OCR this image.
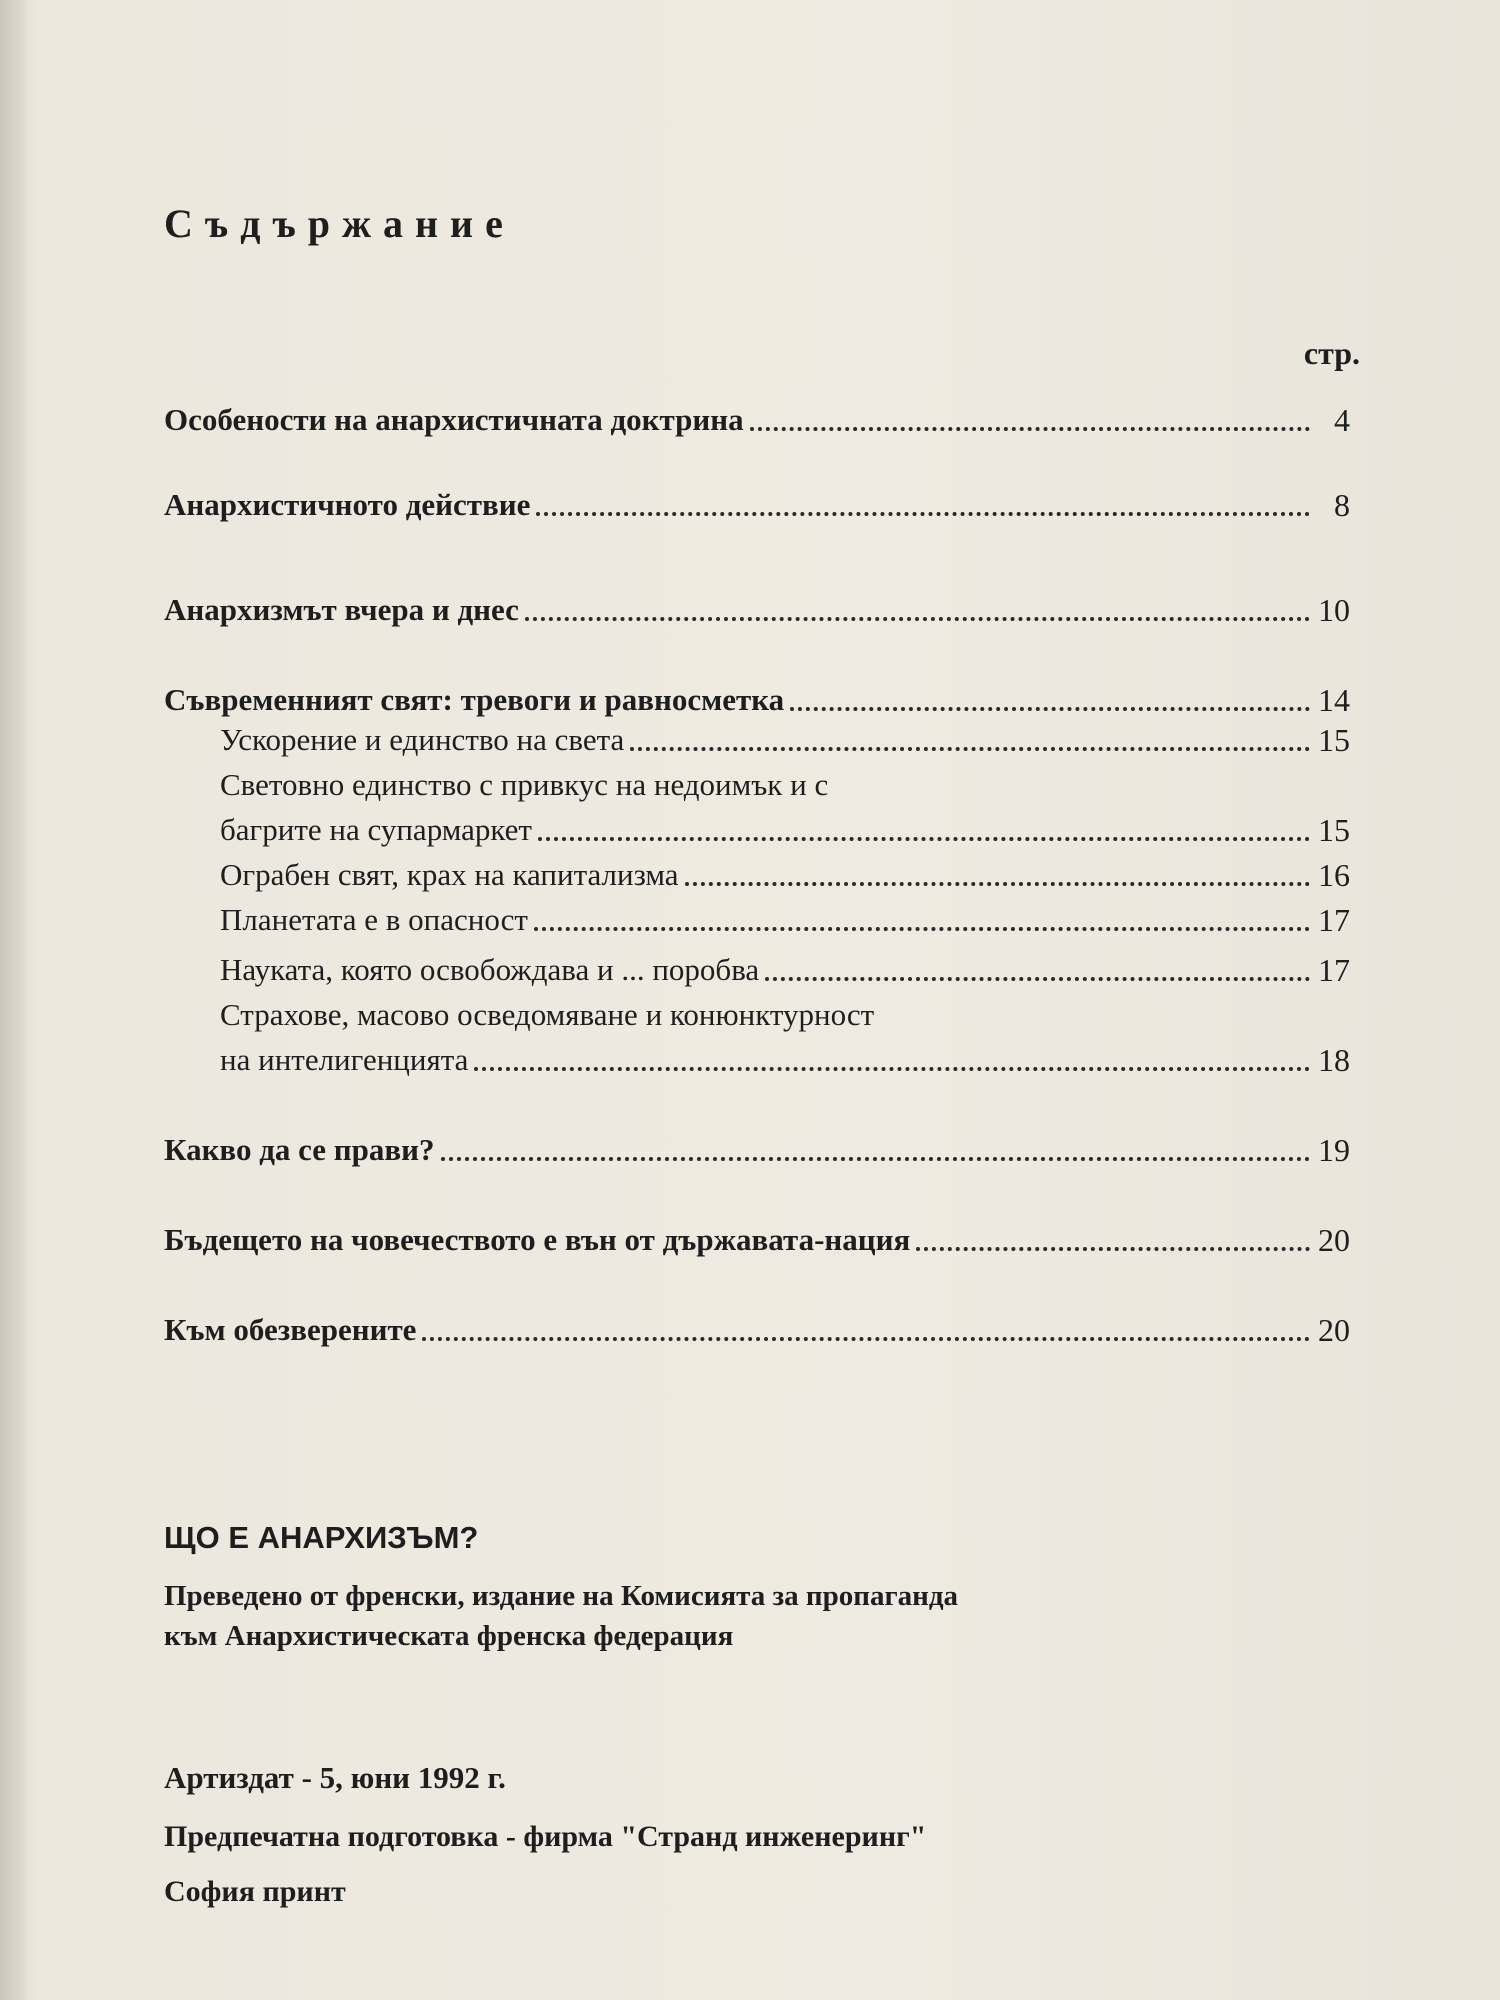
Съдържание
стр.
Особености на анархистичната доктрина	4
Анархистичното действие	8
Анархизмът вчера и днес	10
Съвременният свят: тревоги и равносметка	14
Ускорение и единство на света	15
Световно единство с привкус на недоимък и с
багрите на супармаркет	15
Ограбен свят, крах на капитализма	16
Планетата е в опасност	17
Науката, която освобождава и ... поробва	17
Страхове, масово осведомяване и конюнктурност
на интелигенцията	18
Какво да се прави?	19
Бъдещето на човечеството е вън от държавата-нация	20
Към обезверените	20
ЩО Е АНАРХИЗЪМ?
Преведено от френски, издание на Комисията за пропаганда
към Анархистическата френска федерация
Артиздат - 5, юни 1992 г.
Предпечатна подготовка - фирма "Странд инженеринг"
София принт
